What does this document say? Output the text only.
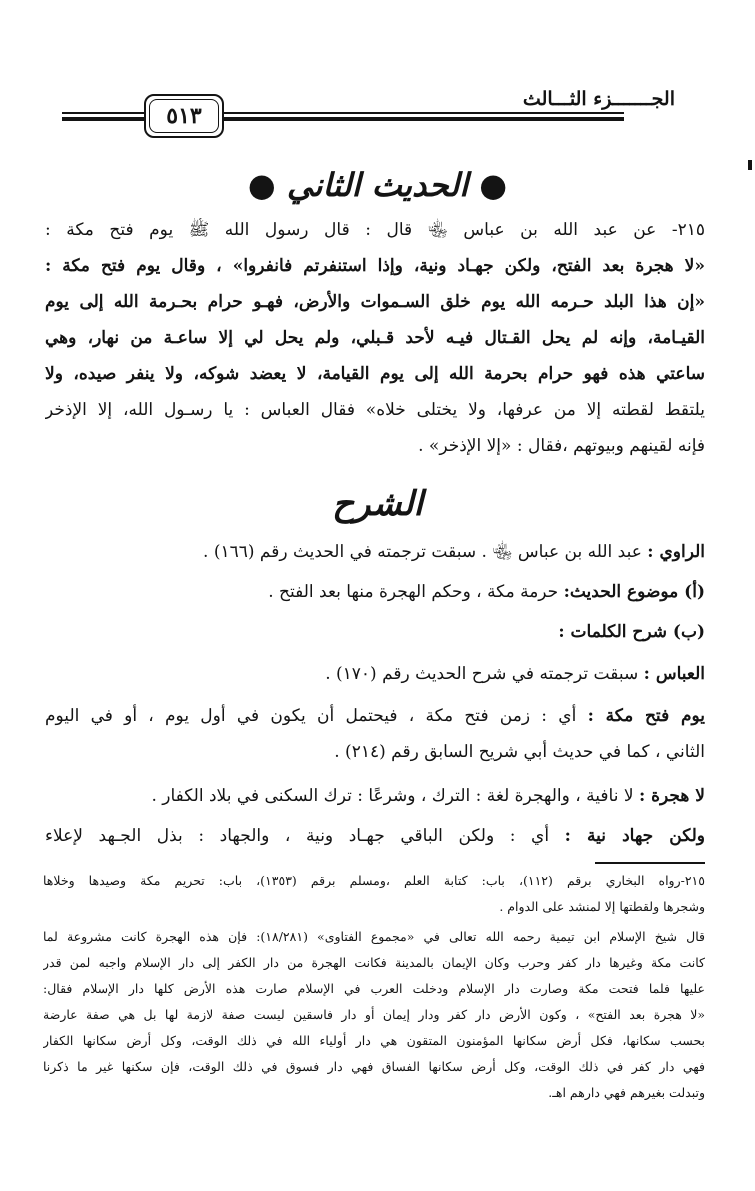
الجـــــــزء الثـــالث
٥١٣
● الحديث الثاني ●
٢١٥- عن عبد الله بن عباس ﵄ قال : قال رسول الله ﷺ يوم فتح مكة :
«لا هجرة بعد الفتح، ولكن جهـاد ونية، وإذا استنفرتم فانفروا» ، وقال يوم فتح مكة :
«إن هذا البلد حـرمه الله يوم خلق السـموات والأرض، فهـو حرام بحـرمة الله إلى يوم
القيـامة، وإنه لم يحل القـتال فيـه لأحد قـبلي، ولم يحل لي إلا ساعـة من نهار، وهي
ساعتي هذه فهو حرام بحرمة الله إلى يوم القيامة، لا يعضد شوكه، ولا ينفر صيده، ولا
يلتقط لقطته إلا من عرفها، ولا يختلى خلاه» فقال العباس : يا رسـول الله، إلا الإذخر
فإنه لقينهم وبيوتهم ،فقال : «إلا الإذخر» .
الشرح
الراوي : عبد الله بن عباس ﵄ . سبقت ترجمته في الحديث رقم (١٦٦) .
(أ) موضوع الحديث: حرمة مكة ، وحكم الهجرة منها بعد الفتح .
(ب) شرح الكلمات :
العباس : سبقت ترجمته في شرح الحديث رقم (١٧٠) .
يوم فتح مكة : أي : زمن فتح مكة ، فيحتمل أن يكون في أول يوم ، أو في اليوم
الثاني ، كما في حديث أبي شريح السابق رقم (٢١٤) .
لا هجرة : لا نافية ، والهجرة لغة : الترك ، وشرعًا : ترك السكنى في بلاد الكفار .
ولكن جهاد نية : أي : ولكن الباقي جهـاد ونية ، والجهاد : بذل الجـهد لإعلاء
٢١٥-رواه البخاري برقم (١١٢)، باب: كتابة العلم ،ومسلم برقم (١٣٥٣)، باب: تحريم مكة وصيدها وخلاها
وشجرها ولقطتها إلا لمنشد على الدوام .
قال شيخ الإسلام ابن تيمية رحمه الله تعالى في «مجموع الفتاوى» (١٨/٢٨١): فإن هذه الهجرة كانت مشروعة لما
كانت مكة وغيرها دار كفر وحرب وكان الإيمان بالمدينة فكانت الهجرة من دار الكفر إلى دار الإسلام واجبه لمن قدر
عليها فلما فتحت مكة وصارت دار الإسلام ودخلت العرب في الإسلام صارت هذه الأرض كلها دار الإسلام فقال:
«لا هجرة بعد الفتح» ، وكون الأرض دار كفر ودار إيمان أو دار فاسقين ليست صفة لازمة لها بل هي صفة عارضة
بحسب سكانها، فكل أرض سكانها المؤمنون المتقون هي دار أولياء الله في ذلك الوقت، وكل أرض سكانها الكفار
فهي دار كفر في ذلك الوقت، وكل أرض سكانها الفساق فهي دار فسوق في ذلك الوقت، فإن سكنها غير ما ذكرنا
وتبدلت بغيرهم فهي دارهم اهـ.
